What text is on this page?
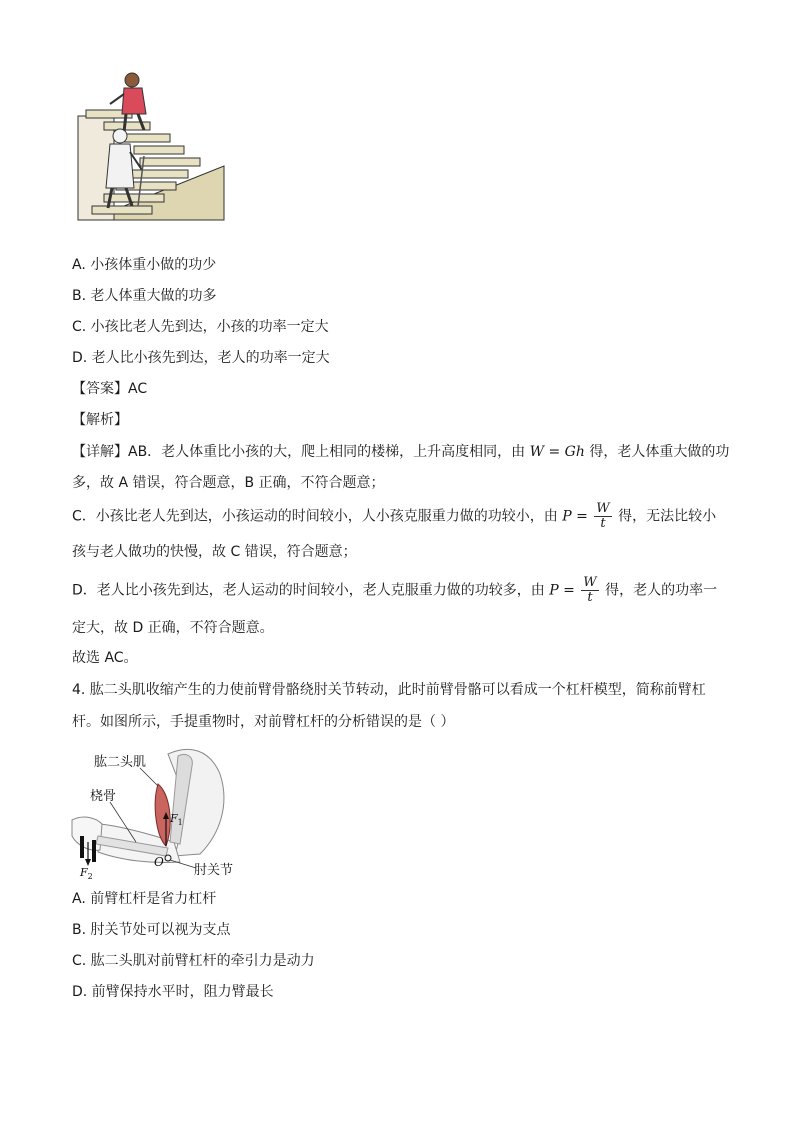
A. 小孩体重小做的功少
B. 老人体重大做的功多
C. 小孩比老人先到达，小孩的功率一定大
D. 老人比小孩先到达，老人的功率一定大
【答案】AC
【解析】
【详解】AB．老人体重比小孩的大，爬上相同的楼梯，上升高度相同，由 W = Gh 得，老人体重大做的功
多，故 A 错误，符合题意，B 正确，不符合题意；
C．小孩比老人先到达，小孩运动的时间较小，人小孩克服重力做的功较小，由 $P = \frac{W}{t}$ 得，无法比较小
孩与老人做功的快慢，故 C 错误，符合题意；
D．老人比小孩先到达，老人运动的时间较小，老人克服重力做的功较多，由 $P = \frac{W}{t}$ 得，老人的功率一
定大，故 D 正确，不符合题意。
故选 AC。
4. 肱二头肌收缩产生的力使前臂骨骼绕肘关节转动，此时前臂骨骼可以看成一个杠杆模型，简称前臂杠
杆。如图所示，手提重物时，对前臂杠杆的分析错误的是（ ）
肱二头肌
桡骨
$F_1$
O
肘关节
$F_2$
A. 前臂杠杆是省力杠杆
B. 肘关节处可以视为支点
C. 肱二头肌对前臂杠杆的牵引力是动力
D. 前臂保持水平时，阻力臂最长
